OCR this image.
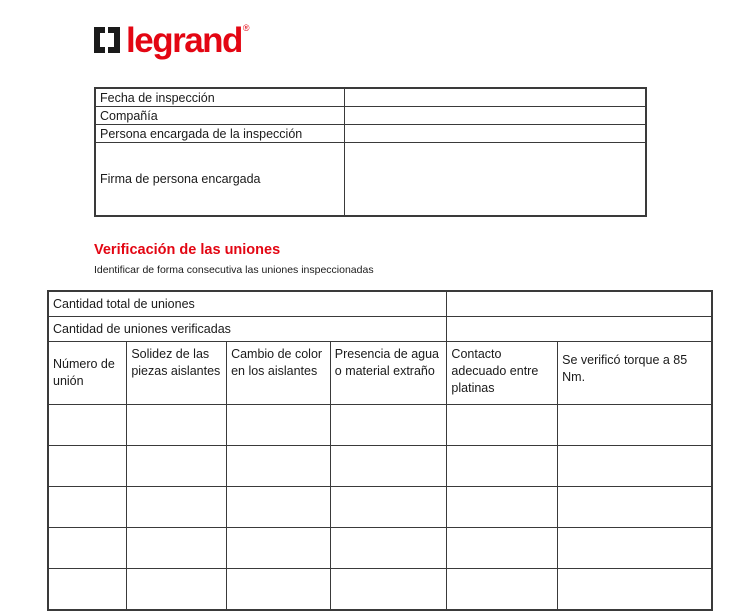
legrand ®
Fecha de inspección	
Compañía	
Persona encargada de la inspección	
Firma de persona encargada	
Verificación de las uniones
Identificar de forma consecutiva las uniones inspeccionadas
Cantidad total de uniones					
Cantidad de uniones verificadas					
Número de unión	Solidez de las piezas aislantes	Cambio de color en los aislantes	Presencia de agua o material extraño	Contacto adecuado entre platinas	Se verificó torque a 85 Nm.
